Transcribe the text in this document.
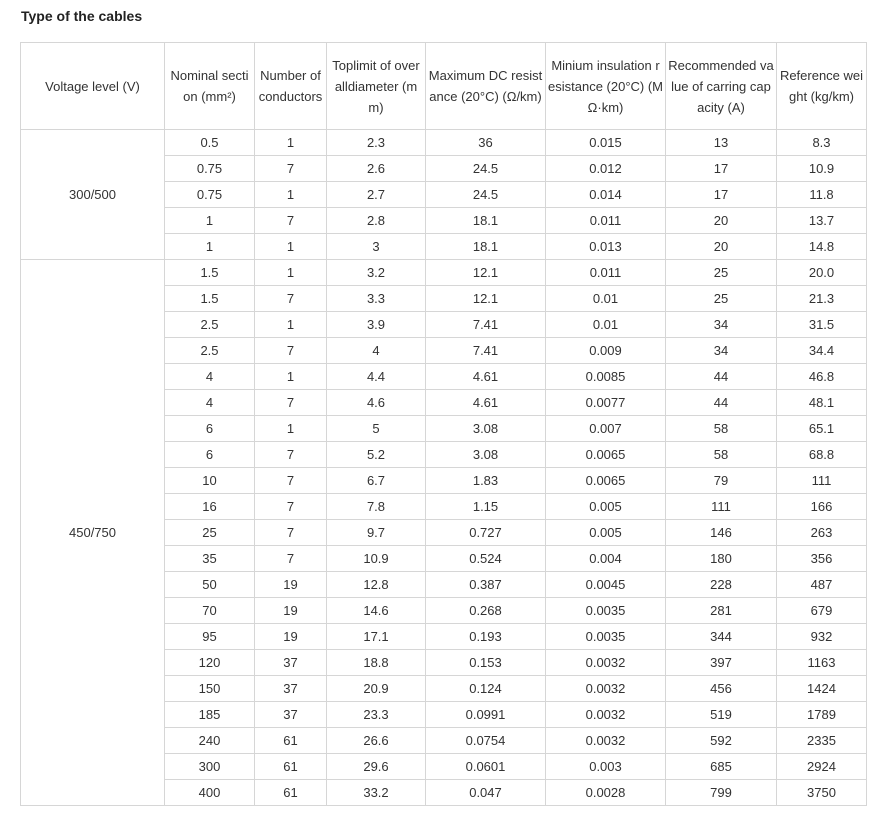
Type of the cables
Voltage level (V)	Nominal section (mm²)	Number of conductors	Toplimit of overalldiameter (mm)	Maximum DC resistance (20°C) (Ω/km)	Minium insulation resistance (20°C) (MΩ·km)	Recommended value of carring capacity (A)	Reference weight (kg/km)
300/500	0.5	1	2.3	36	0.015	13	8.3
	0.75	7	2.6	24.5	0.012	17	10.9
	0.75	1	2.7	24.5	0.014	17	11.8
	1	7	2.8	18.1	0.011	20	13.7
	1	1	3	18.1	0.013	20	14.8
450/750	1.5	1	3.2	12.1	0.011	25	20.0
	1.5	7	3.3	12.1	0.01	25	21.3
	2.5	1	3.9	7.41	0.01	34	31.5
	2.5	7	4	7.41	0.009	34	34.4
	4	1	4.4	4.61	0.0085	44	46.8
	4	7	4.6	4.61	0.0077	44	48.1
	6	1	5	3.08	0.007	58	65.1
	6	7	5.2	3.08	0.0065	58	68.8
	10	7	6.7	1.83	0.0065	79	111
	16	7	7.8	1.15	0.005	111	166
	25	7	9.7	0.727	0.005	146	263
	35	7	10.9	0.524	0.004	180	356
	50	19	12.8	0.387	0.0045	228	487
	70	19	14.6	0.268	0.0035	281	679
	95	19	17.1	0.193	0.0035	344	932
	120	37	18.8	0.153	0.0032	397	1163
	150	37	20.9	0.124	0.0032	456	1424
	185	37	23.3	0.0991	0.0032	519	1789
	240	61	26.6	0.0754	0.0032	592	2335
	300	61	29.6	0.0601	0.003	685	2924
	400	61	33.2	0.047	0.0028	799	3750
